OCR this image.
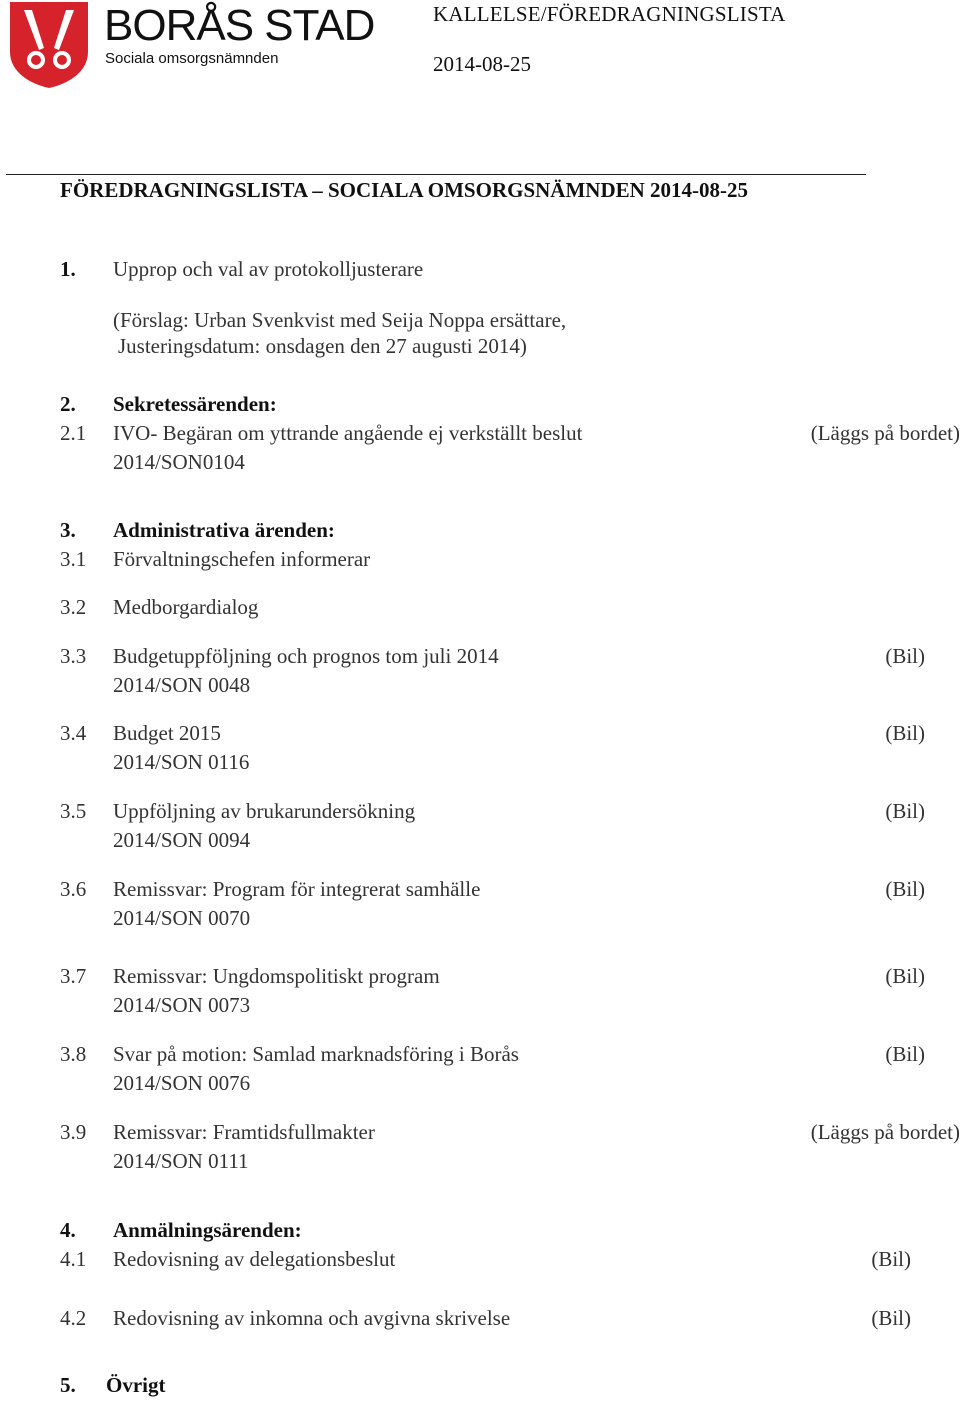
BORÅS STAD
Sociala omsorgsnämnden
KALLELSE/FÖREDRAGNINGSLISTA
2014-08-25
FÖREDRAGNINGSLISTA – SOCIALA OMSORGSNÄMNDEN 2014-08-25
1. Upprop och val av protokolljusterare
(Förslag: Urban Svenkvist med Seija Noppa ersättare,
Justeringsdatum: onsdagen den 27 augusti 2014)
2. Sekretessärenden:
2.1 IVO- Begäran om yttrande angående ej verkställt beslut	(Läggs på bordet)
2014/SON0104
3. Administrativa ärenden:
3.1 Förvaltningschefen informerar
3.2 Medborgardialog
3.3 Budgetuppföljning och prognos tom juli 2014	(Bil)
2014/SON 0048
3.4 Budget 2015	(Bil)
2014/SON 0116
3.5 Uppföljning av brukarundersökning	(Bil)
2014/SON 0094
3.6 Remissvar: Program för integrerat samhälle	(Bil)
2014/SON 0070
3.7 Remissvar: Ungdomspolitiskt program	(Bil)
2014/SON 0073
3.8 Svar på motion: Samlad marknadsföring i Borås	(Bil)
2014/SON 0076
3.9 Remissvar: Framtidsfullmakter	(Läggs på bordet)
2014/SON 0111
4. Anmälningsärenden:
4.1 Redovisning av delegationsbeslut	(Bil)
4.2 Redovisning av inkomna och avgivna skrivelse	(Bil)
5. Övrigt
